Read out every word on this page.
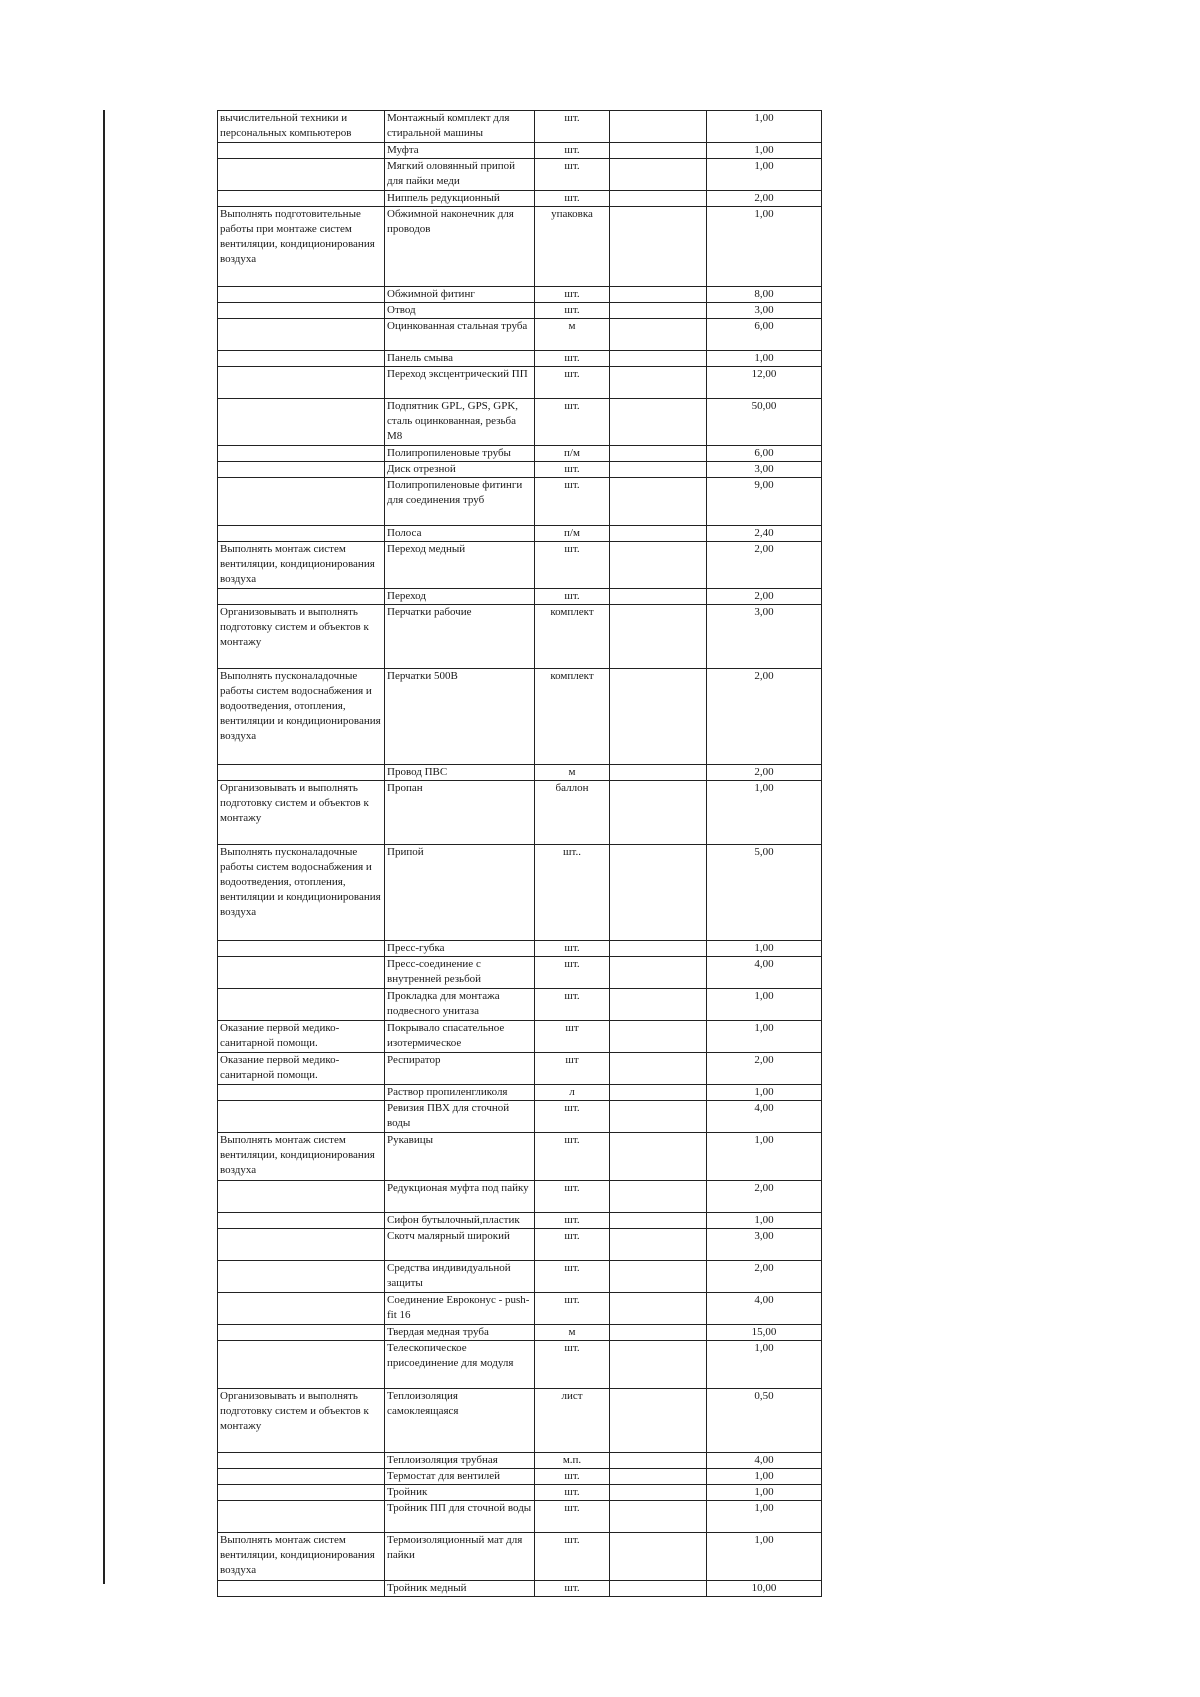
вычислительной техники и персональных компьютеров	Монтажный комплект для стиральной машины	шт.		1,00
	Муфта	шт.		1,00
	Мягкий оловянный припой для пайки меди	шт.		1,00
	Ниппель редукционный	шт.		2,00
Выполнять подготовительные работы при монтаже систем вентиляции, кондиционирования воздуха	Обжимной наконечник для проводов	упаковка		1,00
	Обжимной фитинг	шт.		8,00
	Отвод	шт.		3,00
	Оцинкованная стальная труба	м		6,00
	Панель смыва	шт.		1,00
	Переход эксцентрический ПП	шт.		12,00
	Подпятник GPL, GPS, GPK, сталь оцинкованная, резьба M8	шт.		50,00
	Полипропиленовые трубы	п/м		6,00
	Диск отрезной	шт.		3,00
	Полипропиленовые фитинги для соединения труб	шт.		9,00
	Полоса	п/м		2,40
Выполнять монтаж систем вентиляции, кондиционирования воздуха	Переход медный	шт.		2,00
	Переход	шт.		2,00
Организовывать и выполнять подготовку систем и объектов к монтажу	Перчатки рабочие	комплект		3,00
Выполнять пусконаладочные работы систем водоснабжения и водоотведения, отопления, вентиляции и кондиционирования воздуха	Перчатки 500В	комплект		2,00
	Провод ПВС	м		2,00
Организовывать и выполнять подготовку систем и объектов к монтажу	Пропан	баллон		1,00
Выполнять пусконаладочные работы систем водоснабжения и водоотведения, отопления, вентиляции и кондиционирования воздуха	Припой	шт..		5,00
	Пресс-губка	шт.		1,00
	Пресс-соединение с внутренней резьбой	шт.		4,00
	Прокладка для монтажа подвесного унитаза	шт.		1,00
Оказание первой медико-санитарной помощи.	Покрывало спасательное изотермическое	шт		1,00
Оказание первой медико-санитарной помощи.	Респиратор	шт		2,00
	Раствор пропиленгликоля	л		1,00
	Ревизия ПВХ для сточной воды	шт.		4,00
Выполнять монтаж систем вентиляции, кондиционирования воздуха	Рукавицы	шт.		1,00
	Редукционая муфта под пайку	шт.		2,00
	Сифон бутылочный,пластик	шт.		1,00
	Скотч малярный широкий	шт.		3,00
	Средства индивидуальной защиты	шт.		2,00
	Соединение Евроконус - push-fit 16	шт.		4,00
	Твердая медная труба	м		15,00
	Телескопическое присоединение для модуля	шт.		1,00
Организовывать и выполнять подготовку систем и объектов к монтажу	Теплоизоляция самоклеящаяся	лист		0,50
	Теплоизоляция трубная	м.п.		4,00
	Термостат для вентилей	шт.		1,00
	Тройник	шт.		1,00
	Тройник ПП для сточной воды	шт.		1,00
Выполнять монтаж систем вентиляции, кондиционирования воздуха	Термоизоляционный мат для пайки	шт.		1,00
	Тройник медный	шт.		10,00
